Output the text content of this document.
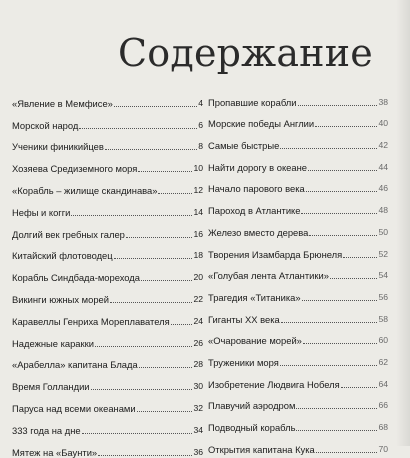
Содержание
«Явление в Мемфисе»	4
Морской народ	6
Ученики финикийцев	8
Хозяева Средиземного моря	10
«Корабль – жилище скандинава»	12
Нефы и когги	14
Долгий век гребных галер	16
Китайский флотоводец	18
Корабль Синдбада-морехода	20
Викинги южных морей	22
Каравеллы Генриха Мореплавателя	24
Надежные каракки	26
«Арабелла» капитана Блада	28
Время Голландии	30
Паруса над всеми океанами	32
333 года на дне	34
Мятеж на «Баунти»	36
Пропавшие корабли	38
Морские победы Англии	40
Самые быстрые	42
Найти дорогу в океане	44
Начало парового века	46
Пароход в Атлантике	48
Железо вместо дерева	50
Творения Изамбарда Брюнеля	52
«Голубая лента Атлантики»	54
Трагедия «Титаника»	56
Гиганты XX века	58
«Очарование морей»	60
Труженики моря	62
Изобретение Людвига Нобеля	64
Плавучий аэродром	66
Подводный корабль	68
Открытия капитана Кука	70
